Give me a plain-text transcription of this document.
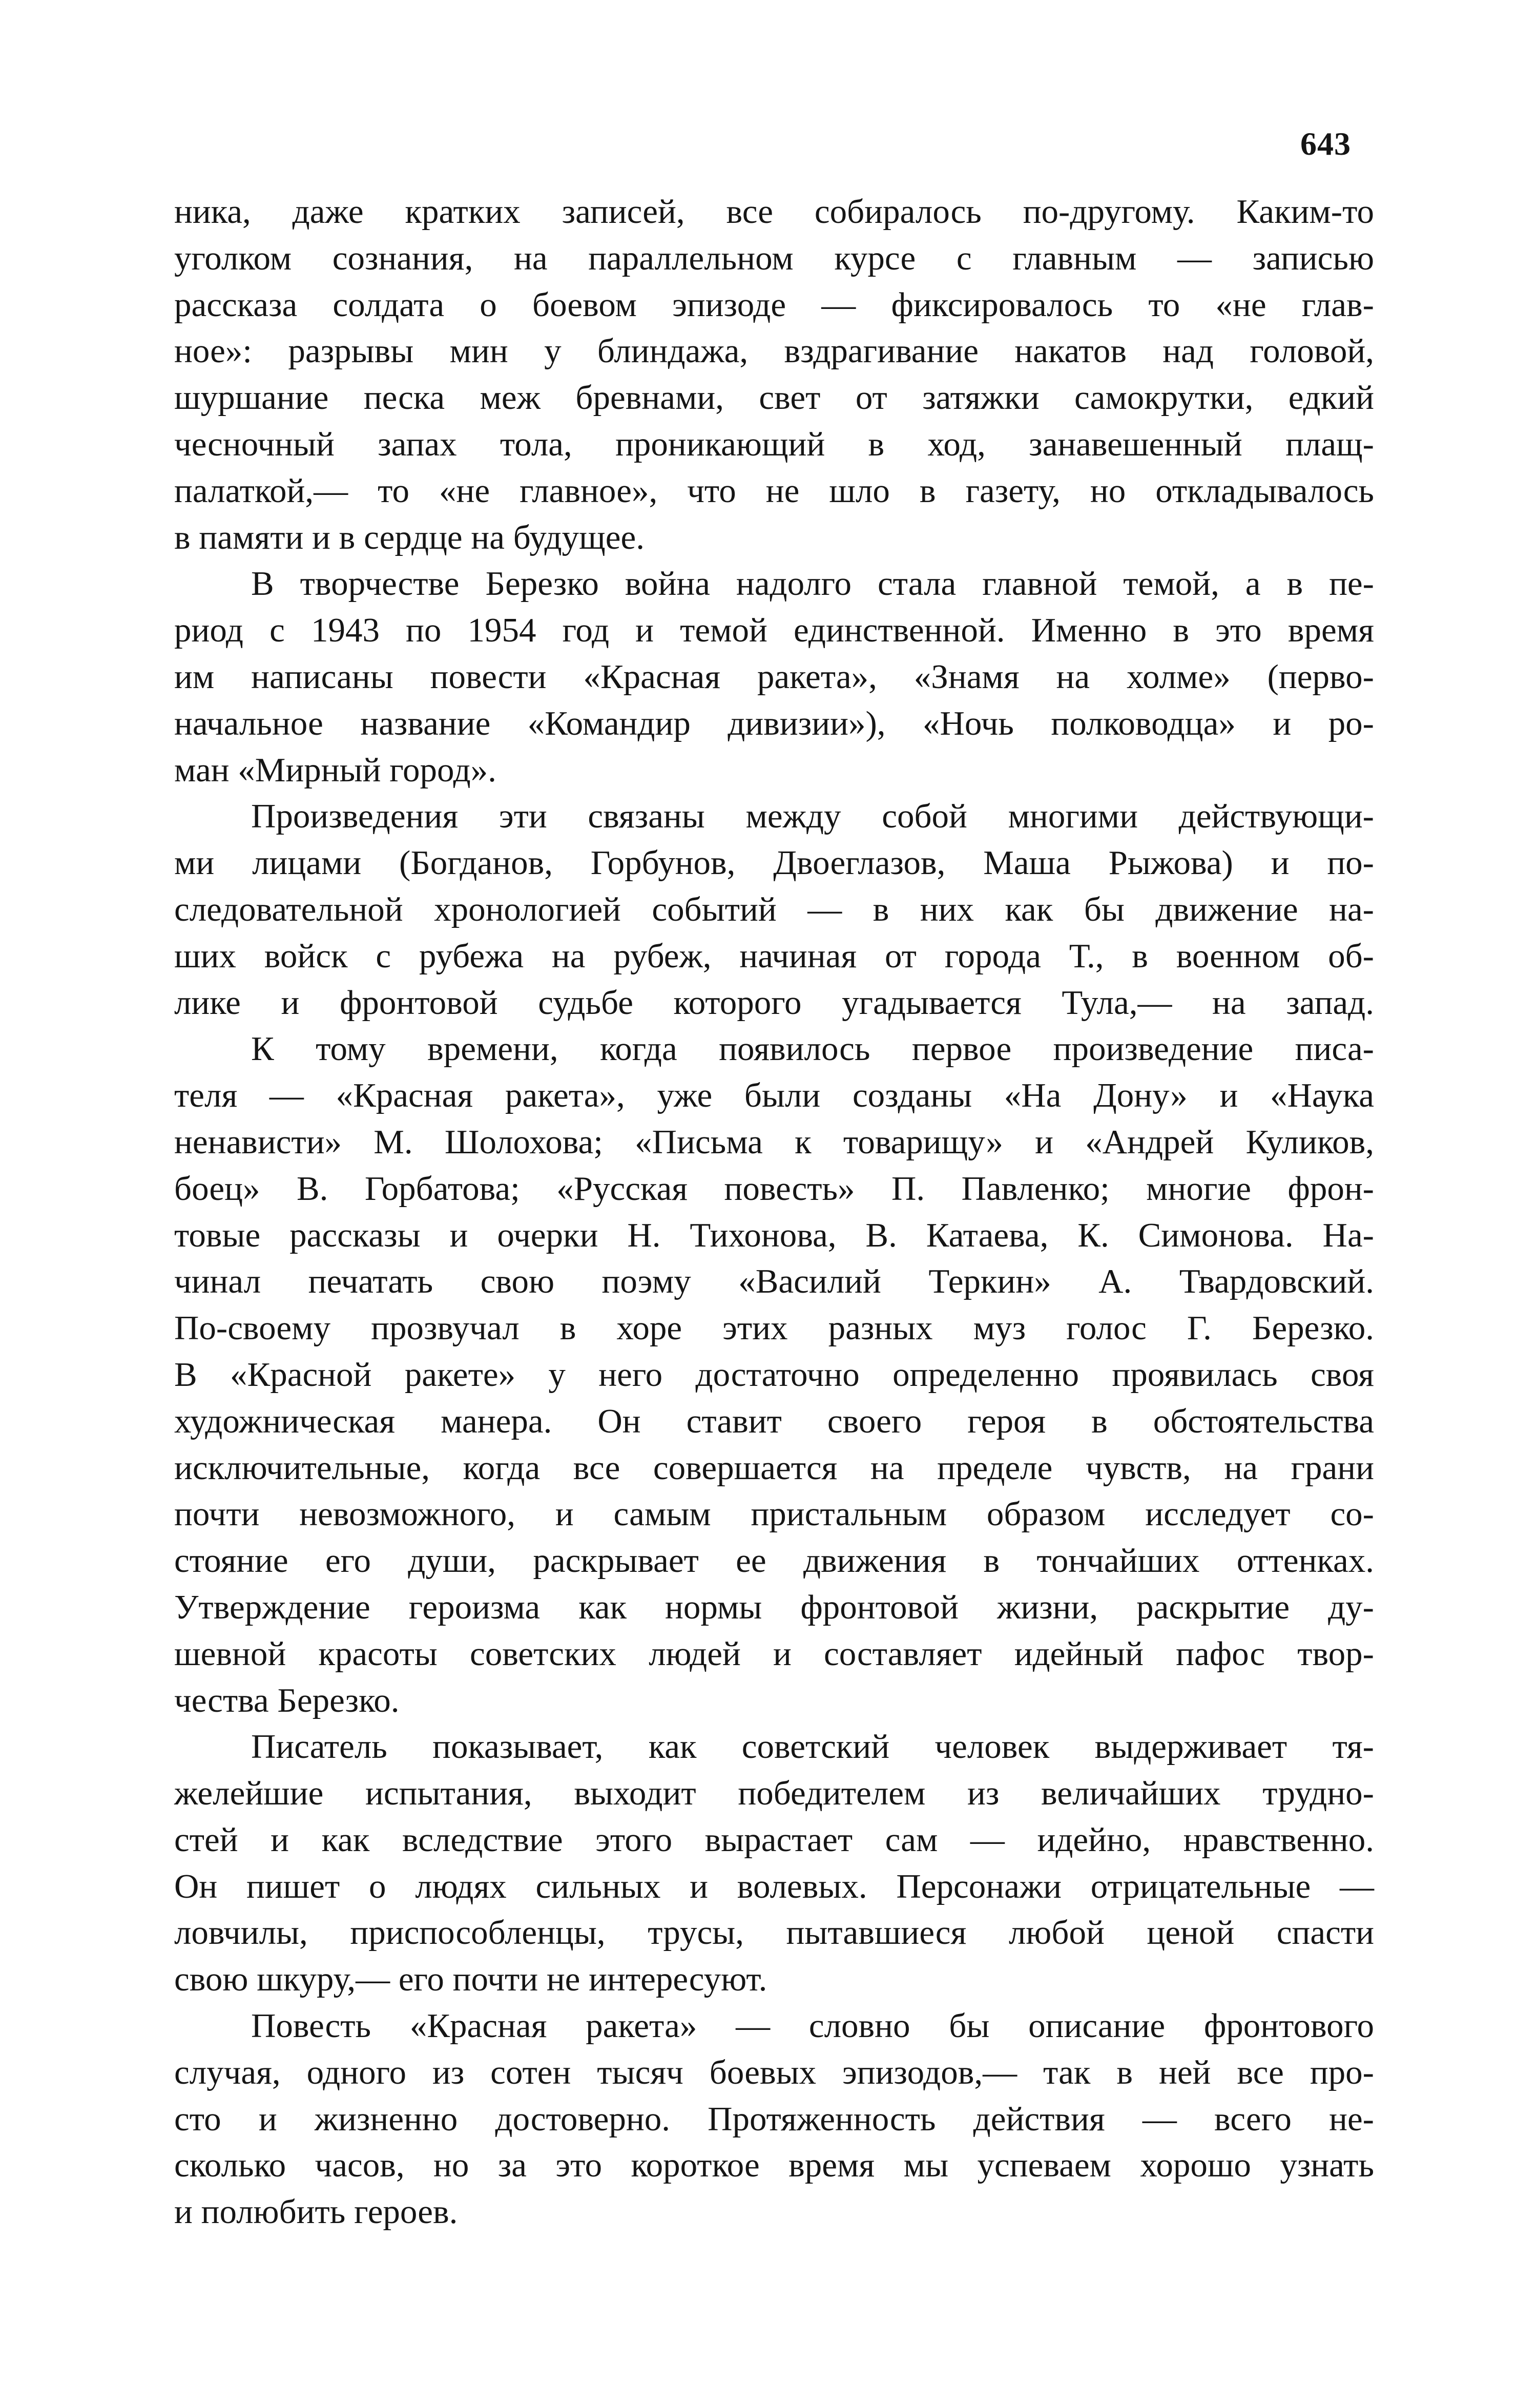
643
ника, даже кратких записей, все собиралось по-другому. Каким-то
уголком сознания, на параллельном курсе с главным — записью
рассказа солдата о боевом эпизоде — фиксировалось то «не глав-
ное»: разрывы мин у блиндажа, вздрагивание накатов над головой,
шуршание песка меж бревнами, свет от затяжки самокрутки, едкий
чесночный запах тола, проникающий в ход, занавешенный плащ-
палаткой,— то «не главное», что не шло в газету, но откладывалось
в памяти и в сердце на будущее.
В творчестве Березко война надолго стала главной темой, а в пе-
риод с 1943 по 1954 год и темой единственной. Именно в это время
им написаны повести «Красная ракета», «Знамя на холме» (перво-
начальное название «Командир дивизии»), «Ночь полководца» и ро-
ман «Мирный город».
Произведения эти связаны между собой многими действующи-
ми лицами (Богданов, Горбунов, Двоеглазов, Маша Рыжова) и по-
следовательной хронологией событий — в них как бы движение на-
ших войск с рубежа на рубеж, начиная от города Т., в военном об-
лике и фронтовой судьбе которого угадывается Тула,— на запад.
К тому времени, когда появилось первое произведение писа-
теля — «Красная ракета», уже были созданы «На Дону» и «Наука
ненависти» М. Шолохова; «Письма к товарищу» и «Андрей Куликов,
боец» В. Горбатова; «Русская повесть» П. Павленко; многие фрон-
товые рассказы и очерки Н. Тихонова, В. Катаева, К. Симонова. На-
чинал печатать свою поэму «Василий Теркин» А. Твардовский.
По-своему прозвучал в хоре этих разных муз голос Г. Березко.
В «Красной ракете» у него достаточно определенно проявилась своя
художническая манера. Он ставит своего героя в обстоятельства
исключительные, когда все совершается на пределе чувств, на грани
почти невозможного, и самым пристальным образом исследует со-
стояние его души, раскрывает ее движения в тончайших оттенках.
Утверждение героизма как нормы фронтовой жизни, раскрытие ду-
шевной красоты советских людей и составляет идейный пафос твор-
чества Березко.
Писатель показывает, как советский человек выдерживает тя-
желейшие испытания, выходит победителем из величайших трудно-
стей и как вследствие этого вырастает сам — идейно, нравственно.
Он пишет о людях сильных и волевых. Персонажи отрицательные —
ловчилы, приспособленцы, трусы, пытавшиеся любой ценой спасти
свою шкуру,— его почти не интересуют.
Повесть «Красная ракета» — словно бы описание фронтового
случая, одного из сотен тысяч боевых эпизодов,— так в ней все про-
сто и жизненно достоверно. Протяженность действия — всего не-
сколько часов, но за это короткое время мы успеваем хорошо узнать
и полюбить героев.
